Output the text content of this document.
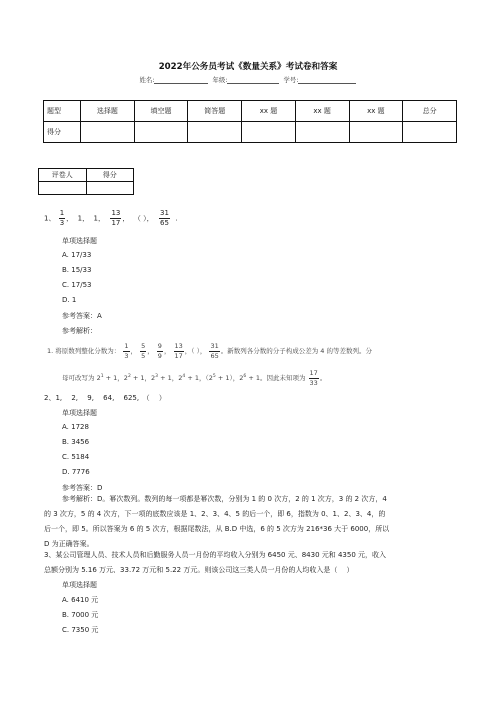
2022年公务员考试《数量关系》考试卷和答案
姓名:	年级:	学号:
题型	选择题	填空题	简答题	xx 题	xx 题	xx 题	总分
得分							
评卷人	得分

1、 $\frac{1}{3}$ ，  1，  1， $\frac{13}{17}$ ，  （ ）， $\frac{31}{65}$ .
单项选择题
A. 17/33
B. 15/33
C. 17/53
D. 1
参考答案：A
参考解析：
1. 将原数列整化分数为： $\frac{1}{3}$ ， $\frac{5}{5}$ ， $\frac{9}{9}$ ， $\frac{13}{17}$ ，（ ）， $\frac{31}{65}$ 。新数列各分数的分子构成公差为 4 的等差数列。分
母可改写为 $2^1 + 1$，$2^2 + 1$，$2^3 + 1$，$2^4 + 1$，$(2^5 + 1)$，$2^6 + 1$。因此未知项为 $\frac{17}{33}$ 。
2、1,　 2,　 9,　 64,　 625,　（　 ）
单项选择题
A. 1728
B. 3456
C. 5184
D. 7776
参考答案：D
参考解析：D。幂次数列。数列的每一项都是幂次数，分别为 1 的 0 次方，2 的 1 次方，3 的 2 次方，4
的 3 次方，5 的 4 次方，下一项的底数应该是 1、2、3、4、5 的后一个，即 6，指数为 0、1、2、3、4，的
后一个，即 5。所以答案为 6 的 5 次方，根据尾数法，从 B.D 中选，6 的 5 次方为 216*36 大于 6000，所以
D 为正确答案。
3、某公司管理人员、技术人员和后勤服务人员一月份的平均收入分别为 6450 元、8430 元和 4350 元，收入
总额分别为 5.16 万元、33.72 万元和 5.22 万元。则该公司这三类人员一月份的人均收入是（　 ）
单项选择题
A. 6410 元
B. 7000 元
C. 7350 元
